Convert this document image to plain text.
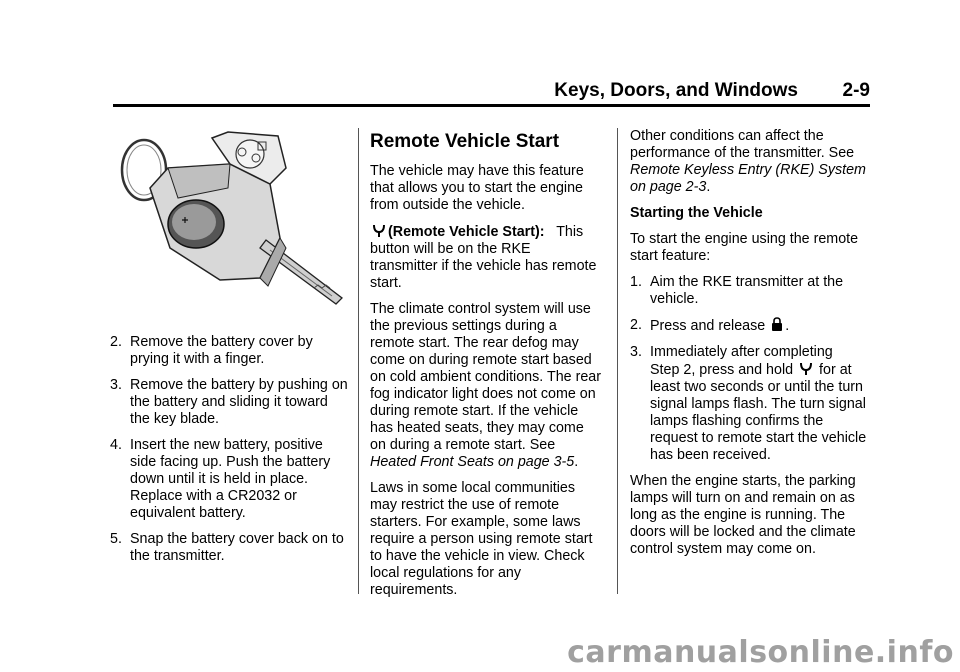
Keys, Doors, and Windows 2-9
2. Remove the battery cover by prying it with a finger.
3. Remove the battery by pushing on the battery and sliding it toward the key blade.
4. Insert the new battery, positive side facing up. Push the battery down until it is held in place. Replace with a CR2032 or equivalent battery.
5. Snap the battery cover back on to the transmitter.
Remote Vehicle Start

The vehicle may have this feature that allows you to start the engine from outside the vehicle.

(Remote Vehicle Start): This button will be on the RKE transmitter if the vehicle has remote start.

The climate control system will use the previous settings during a remote start. The rear defog may come on during remote start based on cold ambient conditions. The rear fog indicator light does not come on during remote start. If the vehicle has heated seats, they may come on during a remote start. See Heated Front Seats on page 3-5.

Laws in some local communities may restrict the use of remote starters. For example, some laws require a person using remote start to have the vehicle in view. Check local regulations for any requirements.

Other conditions can affect the performance of the transmitter. See Remote Keyless Entry (RKE) System on page 2-3.

Starting the Vehicle

To start the engine using the remote start feature:

1. Aim the RKE transmitter at the vehicle.
2. Press and release .
3. Immediately after completing
Step 2, press and hold for at least two seconds or until the turn signal lamps flash. The turn signal lamps flashing confirms the request to remote start the vehicle has been received.

When the engine starts, the parking lamps will turn on and remain on as long as the engine is running. The doors will be locked and the climate control system may come on.

carmanualsonline.info
